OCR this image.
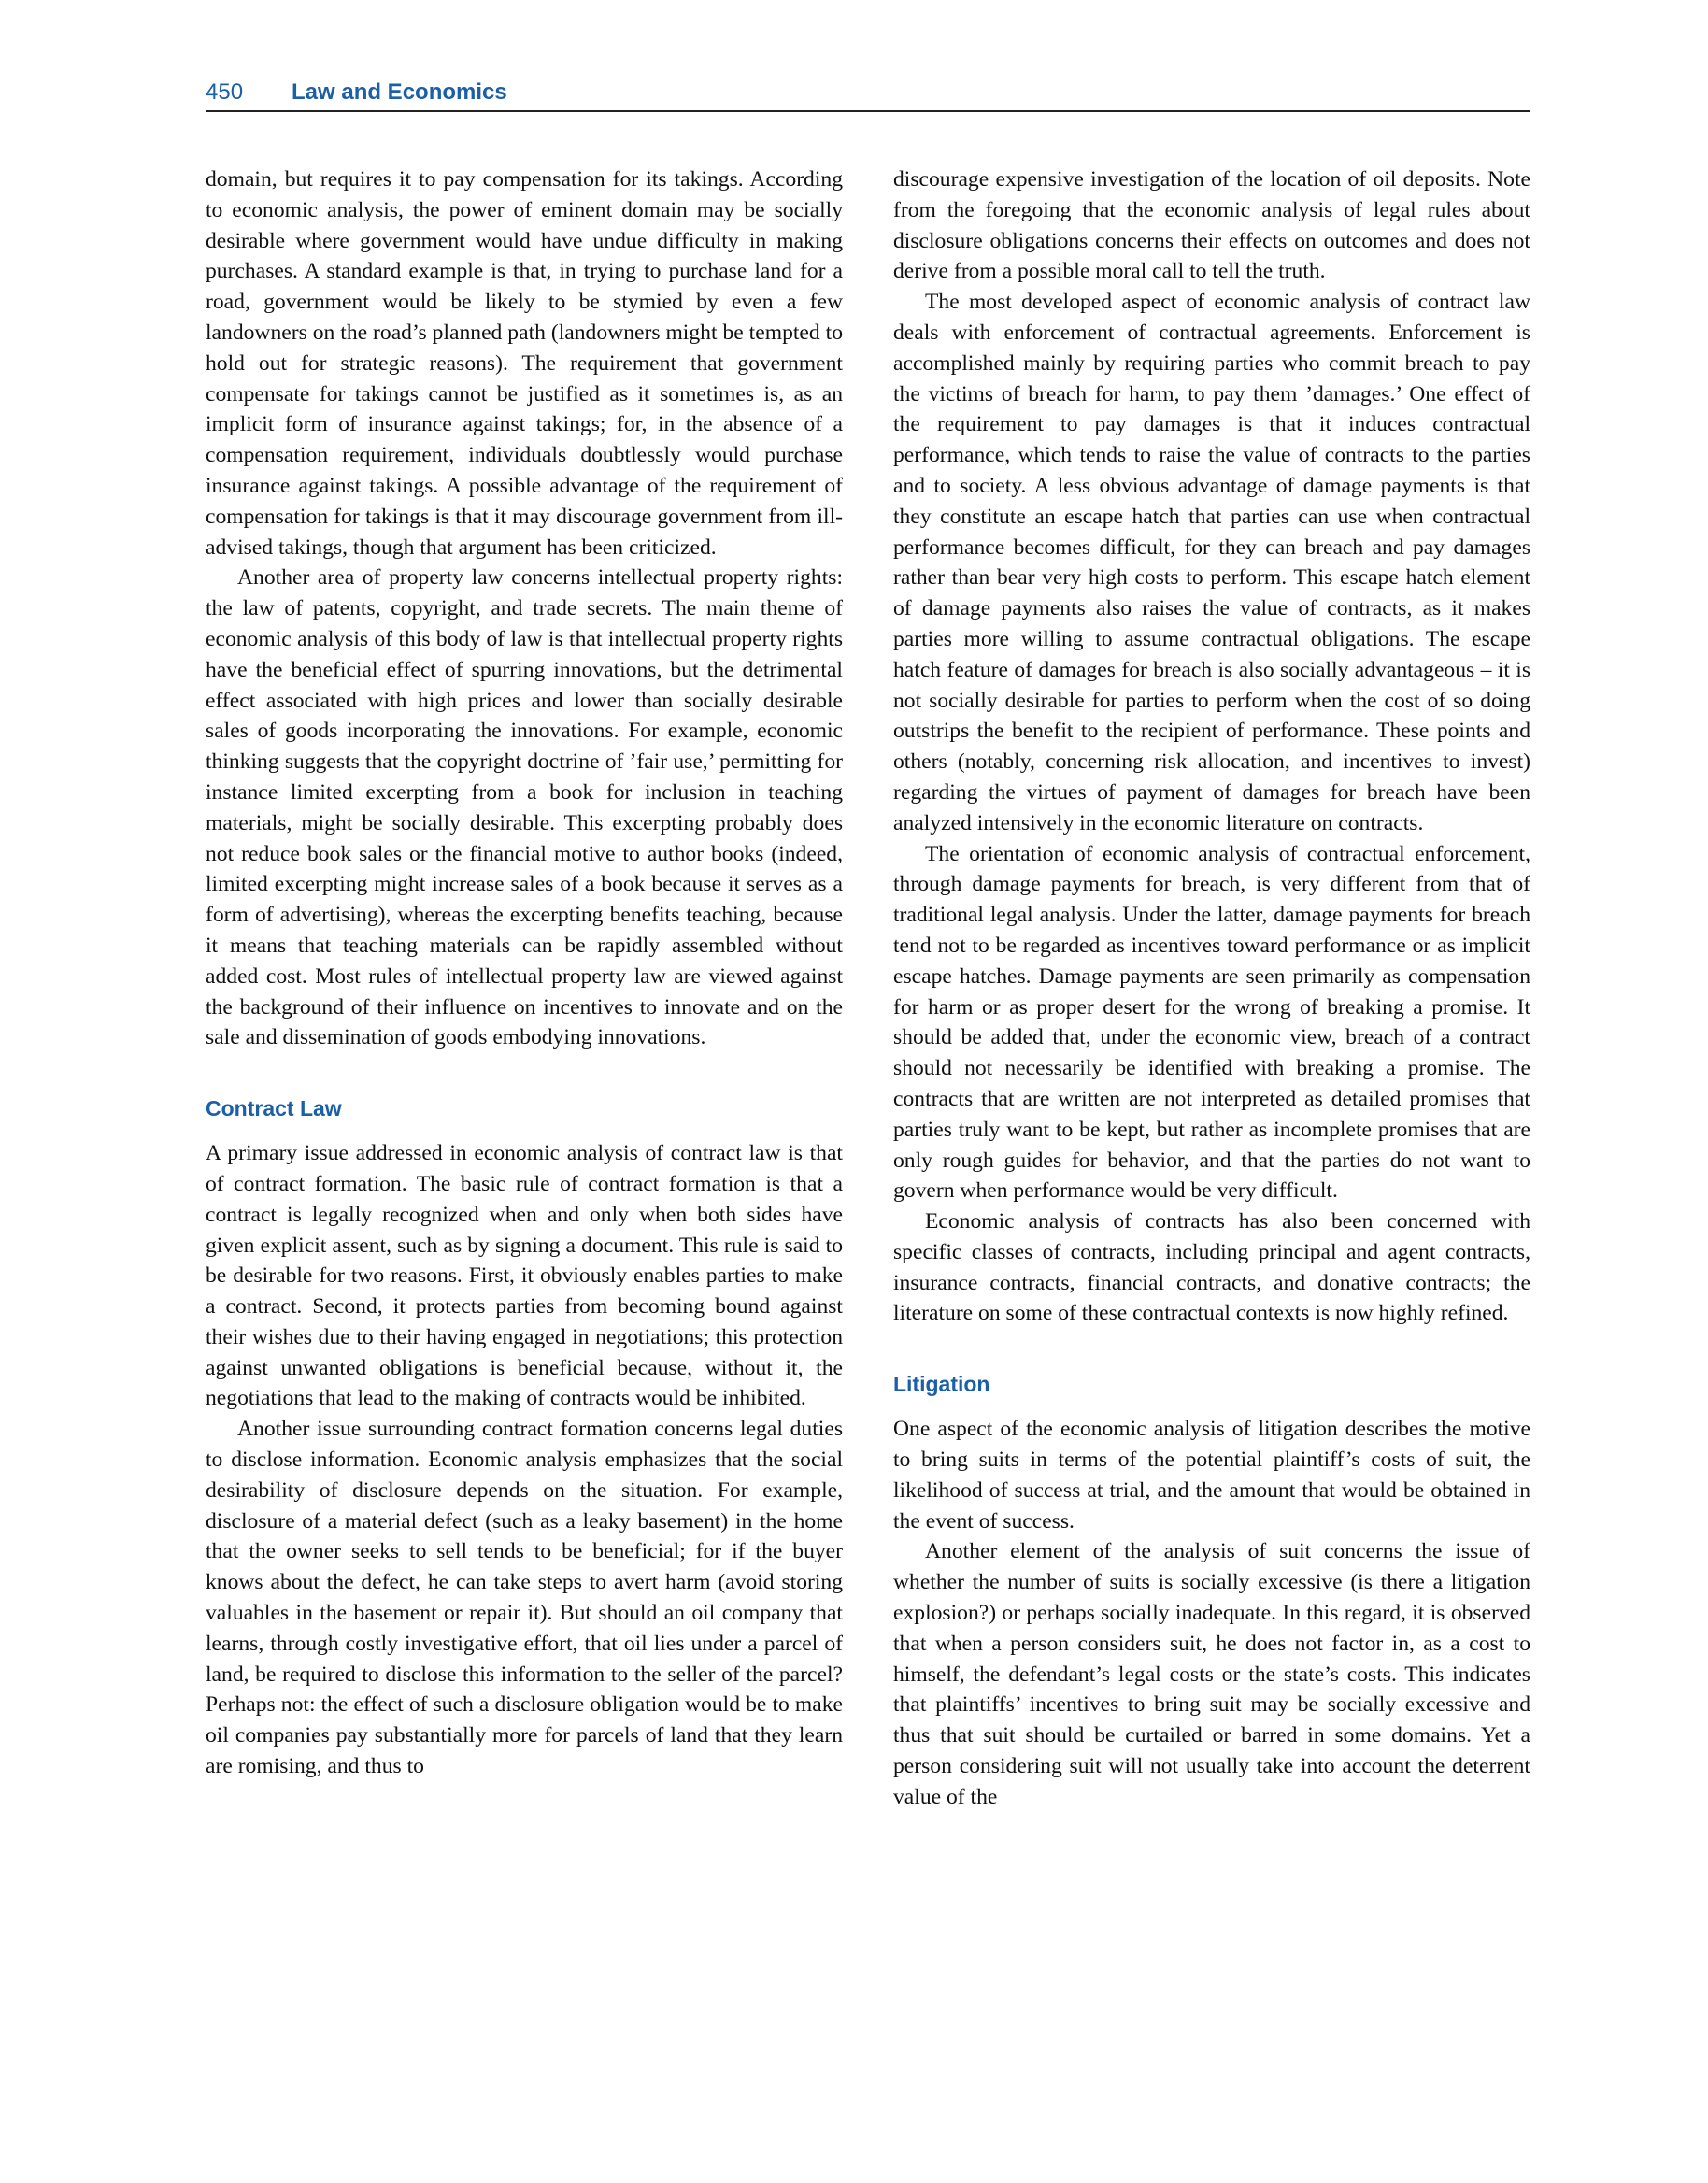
450 Law and Economics

domain, but requires it to pay compensation for its takings. According to economic analysis, the power of eminent domain may be socially desirable where government would have undue difficulty in making purchases. A standard example is that, in trying to purchase land for a road, government would be likely to be stymied by even a few landowners on the road’s planned path (landowners might be tempted to hold out for strategic reasons). The requirement that government compensate for takings cannot be justified as it sometimes is, as an implicit form of insurance against takings; for, in the absence of a compensation requirement, individuals doubtlessly would purchase insurance against takings. A possible advantage of the requirement of compensation for takings is that it may discourage government from ill-advised takings, though that argument has been criticized.

Another area of property law concerns intellectual property rights: the law of patents, copyright, and trade secrets. The main theme of economic analysis of this body of law is that intellectual property rights have the beneficial effect of spurring innovations, but the detrimental effect associated with high prices and lower than socially desirable sales of goods incorporating the innovations. For example, economic thinking suggests that the copyright doctrine of ’fair use,’ permitting for instance limited excerpting from a book for inclusion in teaching materials, might be socially desirable. This excerpting probably does not reduce book sales or the financial motive to author books (indeed, limited excerpting might increase sales of a book because it serves as a form of advertising), whereas the excerpting benefits teaching, because it means that teaching materials can be rapidly assembled without added cost. Most rules of intellectual property law are viewed against the background of their influence on incentives to innovate and on the sale and dissemination of goods embodying innovations.

Contract Law

A primary issue addressed in economic analysis of contract law is that of contract formation. The basic rule of contract formation is that a contract is legally recognized when and only when both sides have given explicit assent, such as by signing a document. This rule is said to be desirable for two reasons. First, it obviously enables parties to make a contract. Second, it protects parties from becoming bound against their wishes due to their having engaged in negotiations; this protection against unwanted obligations is beneficial because, without it, the negotiations that lead to the making of contracts would be inhibited.

Another issue surrounding contract formation concerns legal duties to disclose information. Economic analysis emphasizes that the social desirability of disclosure depends on the situation. For example, disclosure of a material defect (such as a leaky basement) in the home that the owner seeks to sell tends to be beneficial; for if the buyer knows about the defect, he can take steps to avert harm (avoid storing valuables in the basement or repair it). But should an oil company that learns, through costly investigative effort, that oil lies under a parcel of land, be required to disclose this information to the seller of the parcel? Perhaps not: the effect of such a disclosure obligation would be to make oil companies pay substantially more for parcels of land that they learn are romising, and thus to

discourage expensive investigation of the location of oil deposits. Note from the foregoing that the economic analysis of legal rules about disclosure obligations concerns their effects on outcomes and does not derive from a possible moral call to tell the truth.

The most developed aspect of economic analysis of contract law deals with enforcement of contractual agreements. Enforcement is accomplished mainly by requiring parties who commit breach to pay the victims of breach for harm, to pay them ’damages.’ One effect of the requirement to pay damages is that it induces contractual performance, which tends to raise the value of contracts to the parties and to society. A less obvious advantage of damage payments is that they constitute an escape hatch that parties can use when contractual performance becomes difficult, for they can breach and pay damages rather than bear very high costs to perform. This escape hatch element of damage payments also raises the value of contracts, as it makes parties more willing to assume contractual obligations. The escape hatch feature of damages for breach is also socially advantageous – it is not socially desirable for parties to perform when the cost of so doing outstrips the benefit to the recipient of performance. These points and others (notably, concerning risk allocation, and incentives to invest) regarding the virtues of payment of damages for breach have been analyzed intensively in the economic literature on contracts.

The orientation of economic analysis of contractual enforcement, through damage payments for breach, is very different from that of traditional legal analysis. Under the latter, damage payments for breach tend not to be regarded as incentives toward performance or as implicit escape hatches. Damage payments are seen primarily as compensation for harm or as proper desert for the wrong of breaking a promise. It should be added that, under the economic view, breach of a contract should not necessarily be identified with breaking a promise. The contracts that are written are not interpreted as detailed promises that parties truly want to be kept, but rather as incomplete promises that are only rough guides for behavior, and that the parties do not want to govern when performance would be very difficult.

Economic analysis of contracts has also been concerned with specific classes of contracts, including principal and agent contracts, insurance contracts, financial contracts, and donative contracts; the literature on some of these contractual contexts is now highly refined.

Litigation

One aspect of the economic analysis of litigation describes the motive to bring suits in terms of the potential plaintiff’s costs of suit, the likelihood of success at trial, and the amount that would be obtained in the event of success.

Another element of the analysis of suit concerns the issue of whether the number of suits is socially excessive (is there a litigation explosion?) or perhaps socially inadequate. In this regard, it is observed that when a person considers suit, he does not factor in, as a cost to himself, the defendant’s legal costs or the state’s costs. This indicates that plaintiffs’ incentives to bring suit may be socially excessive and thus that suit should be curtailed or barred in some domains. Yet a person considering suit will not usually take into account the deterrent value of the
